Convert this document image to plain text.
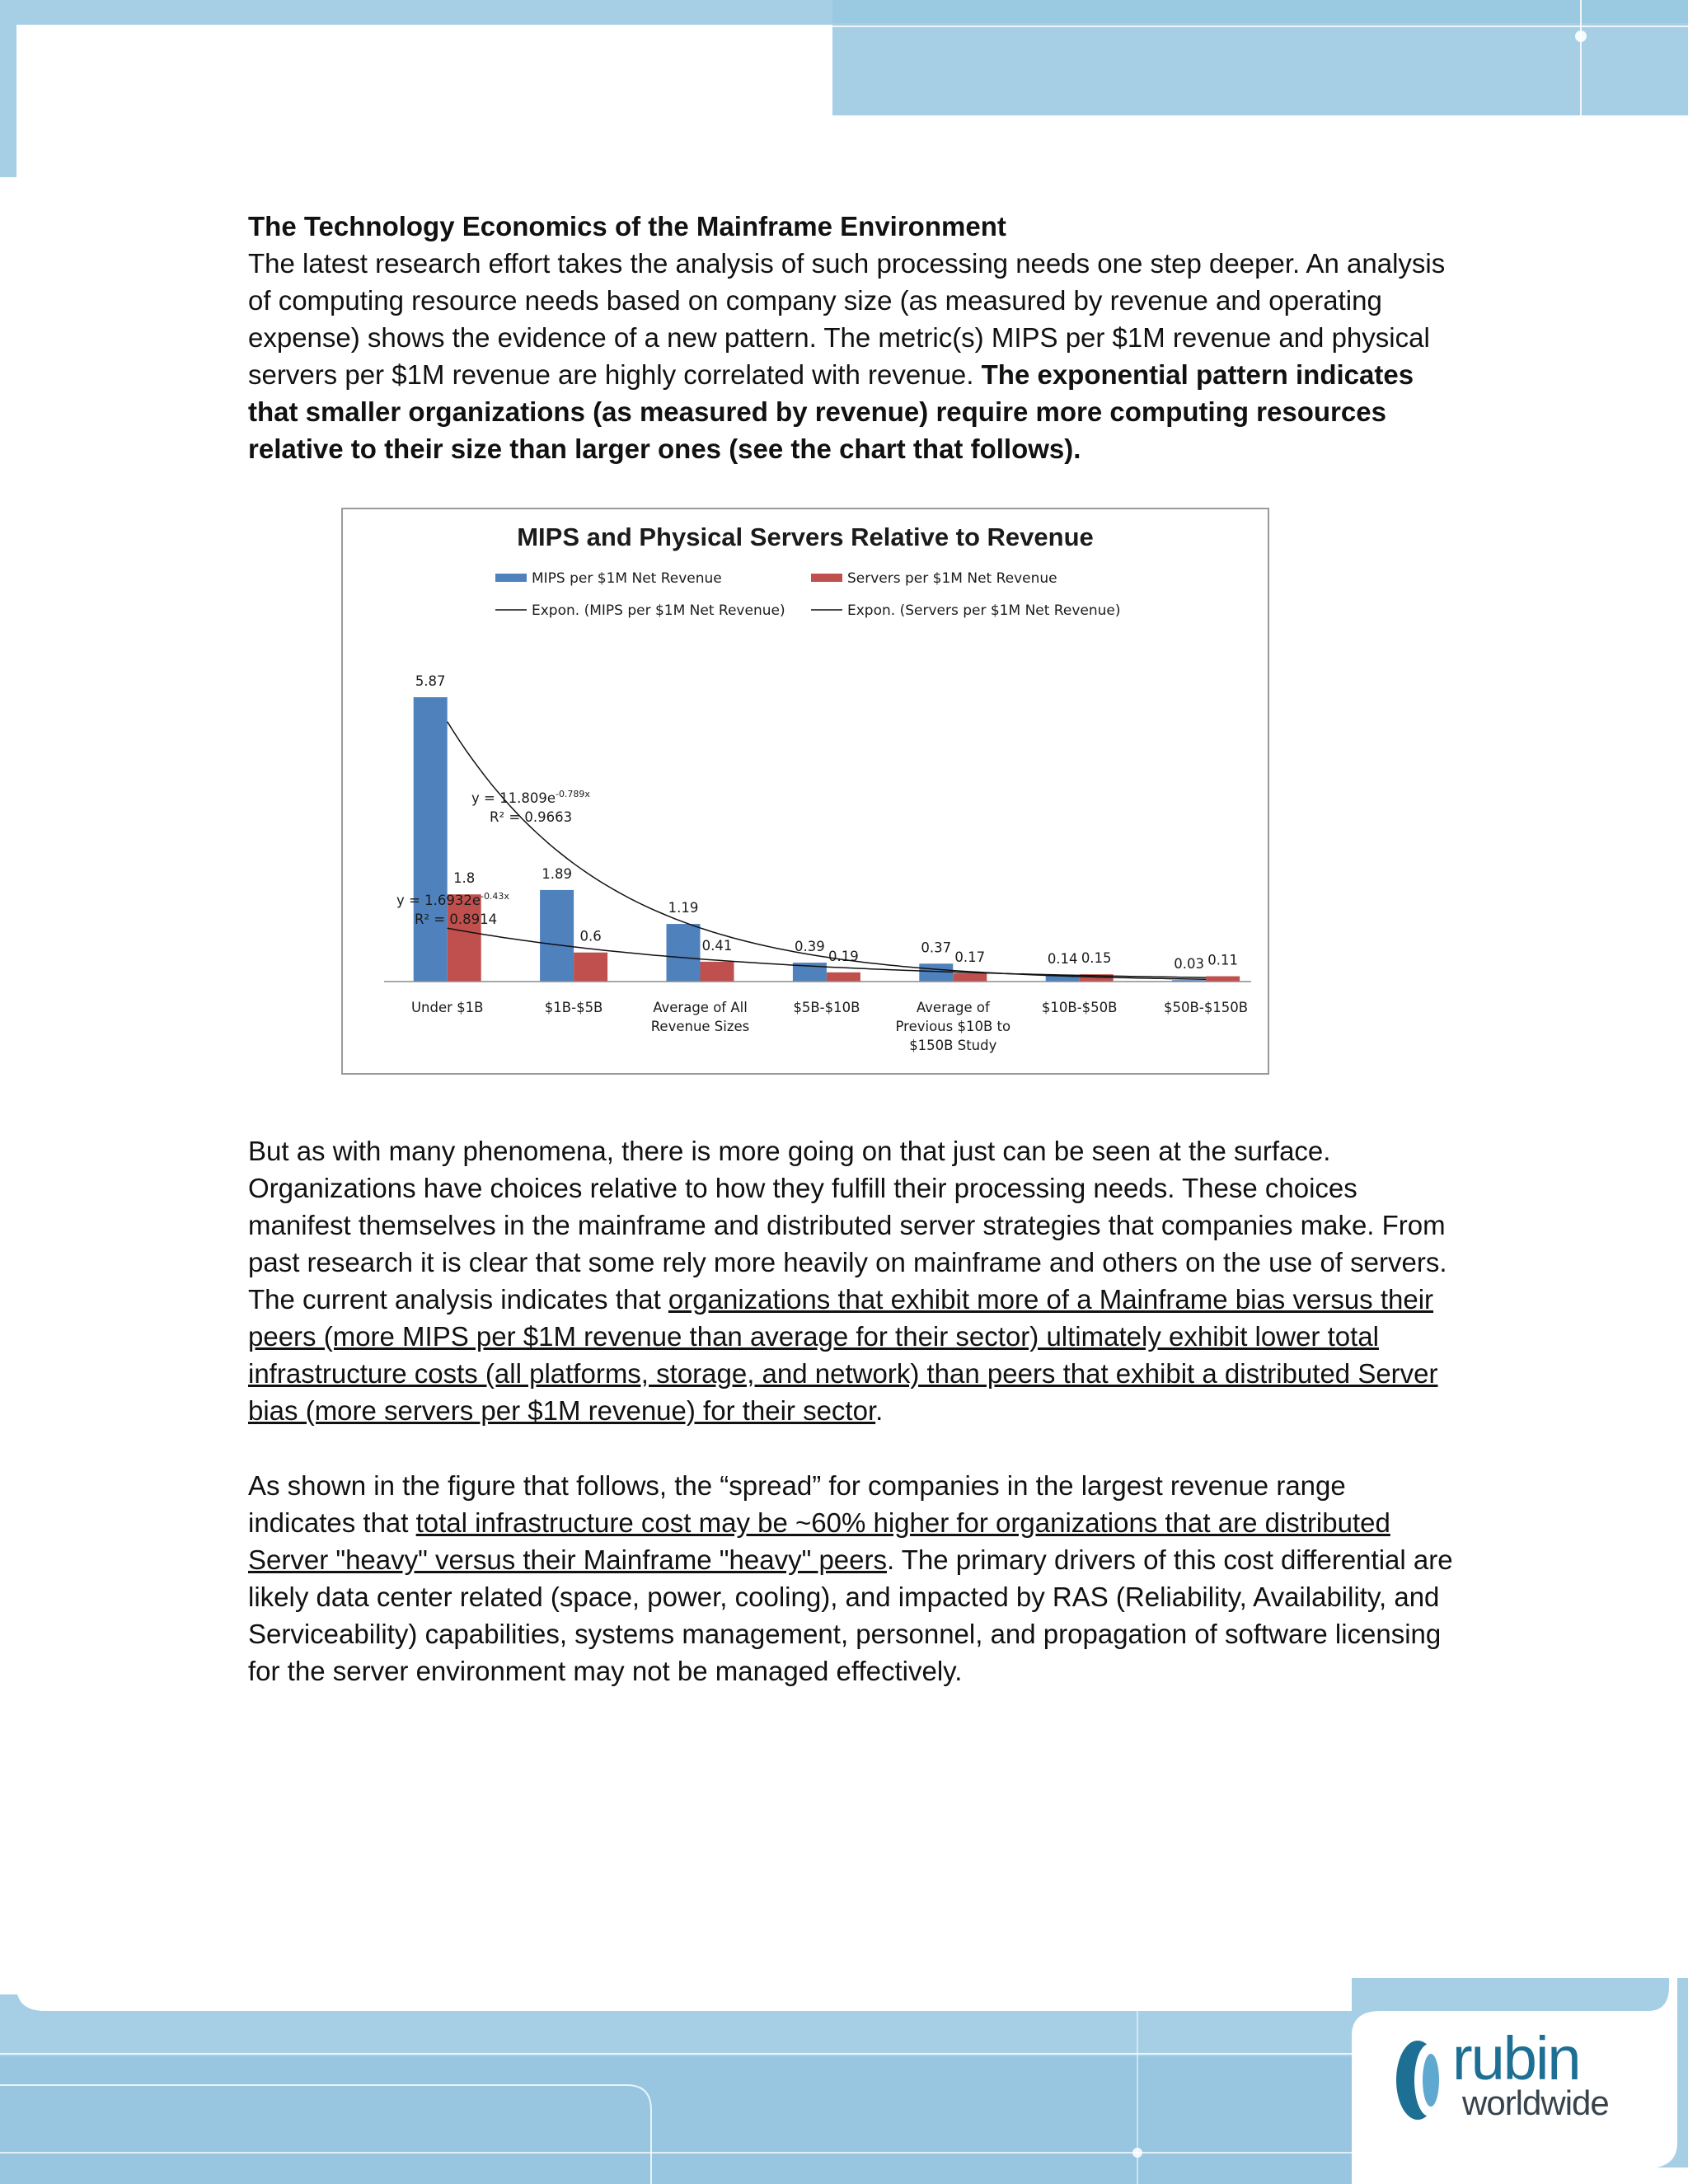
The Technology Economics of the Mainframe Environment

The latest research effort takes the analysis of such processing needs one step deeper. An analysis of computing resource needs based on company size (as measured by revenue and operating expense) shows the evidence of a new pattern. The metric(s) MIPS per $1M revenue and physical servers per $1M revenue are highly correlated with revenue. The exponential pattern indicates that smaller organizations (as measured by revenue) require more computing resources relative to their size than larger ones (see the chart that follows).

MIPS and Physical Servers Relative to Revenue
MIPS per $1M Net Revenue	Servers per $1M Net Revenue
Expon. (MIPS per $1M Net Revenue)	Expon. (Servers per $1M Net Revenue)
5.87
1.8	1.89
0.6
1.19
0.41	0.39
0.19
0.37
0.17	0.14 0.15	0.03 0.11
Under $1B	$1B-$5B	Average of All
Revenue Sizes
$5B-$10B	Average of
Previous $10B to
$150B Study
$10B-$50B	$50B-$150B
$y = 11.809e^{-0.789x}$
R² = 0.9663
$y = 1.6932e^{-0.43x}$
R² = 0.8914

But as with many phenomena, there is more going on that just can be seen at the surface. Organizations have choices relative to how they fulfill their processing needs. These choices manifest themselves in the mainframe and distributed server strategies that companies make. From past research it is clear that some rely more heavily on mainframe and others on the use of servers. The current analysis indicates that organizations that exhibit more of a Mainframe bias versus their peers (more MIPS per $1M revenue than average for their sector) ultimately exhibit lower total infrastructure costs (all platforms, storage, and network) than peers that exhibit a distributed Server bias (more servers per $1M revenue) for their sector.

As shown in the figure that follows, the “spread” for companies in the largest revenue range indicates that total infrastructure cost may be ~60% higher for organizations that are distributed Server "heavy" versus their Mainframe "heavy" peers. The primary drivers of this cost differential are likely data center related (space, power, cooling), and impacted by RAS (Reliability, Availability, and Serviceability) capabilities, systems management, personnel, and propagation of software licensing for the server environment may not be managed effectively.

rubin
worldwide
